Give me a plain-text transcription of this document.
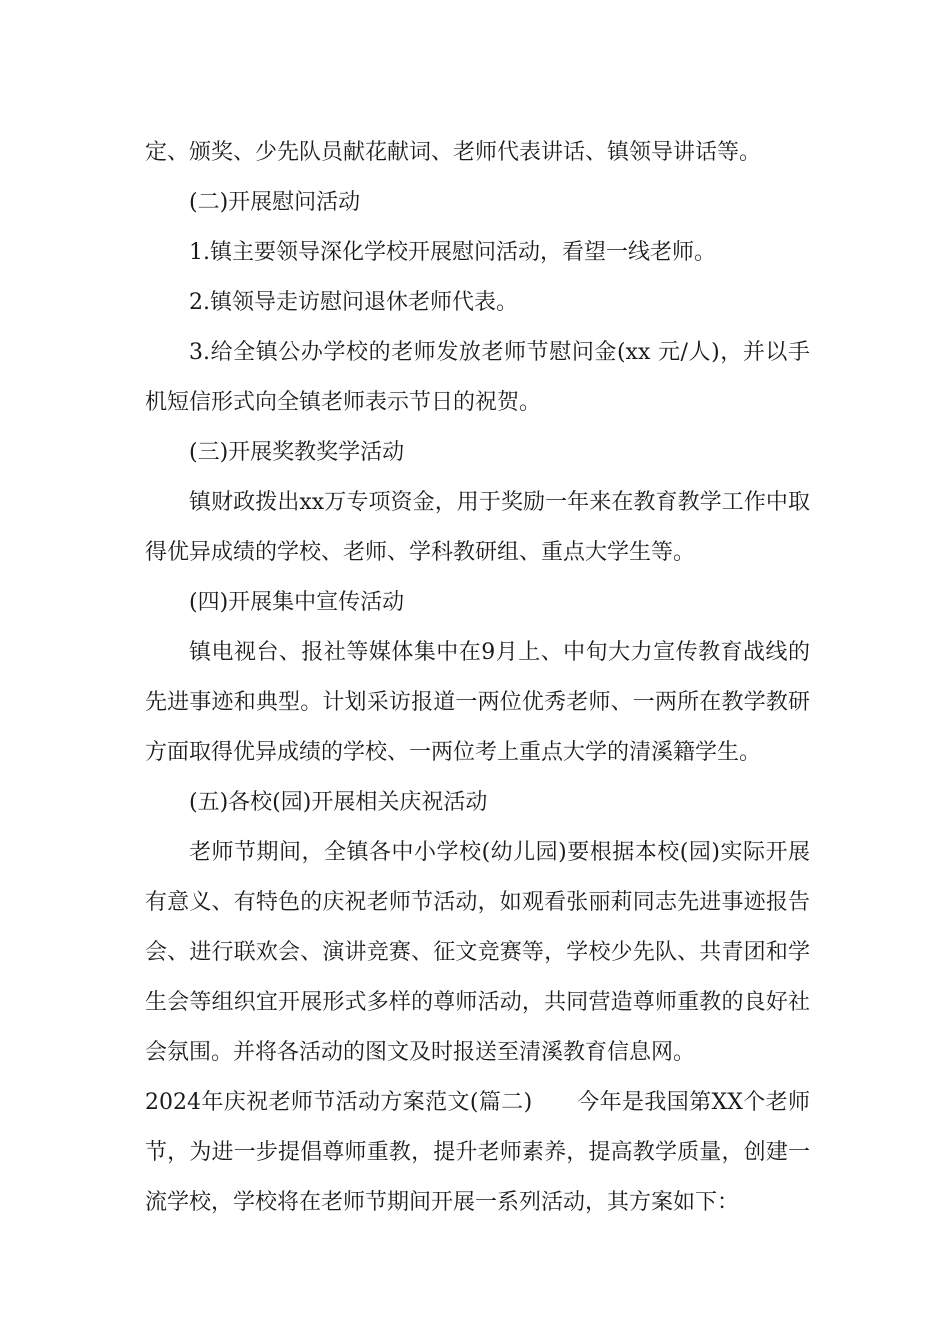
定、颁奖、少先队员献花献词、老师代表讲话、镇领导讲话等。

(二)开展慰问活动

1.镇主要领导深化学校开展慰问活动，看望一线老师。

2.镇领导走访慰问退休老师代表。

3.给全镇公办学校的老师发放老师节慰问金(xx 元/人)，并以手机短信形式向全镇老师表示节日的祝贺。

(三)开展奖教奖学活动

镇财政拨出xx万专项资金，用于奖励一年来在教育教学工作中取得优异成绩的学校、老师、学科教研组、重点大学生等。

(四)开展集中宣传活动

镇电视台、报社等媒体集中在9月上、中旬大力宣传教育战线的先进事迹和典型。计划采访报道一两位优秀老师、一两所在教学教研方面取得优异成绩的学校、一两位考上重点大学的清溪籍学生。

(五)各校(园)开展相关庆祝活动

老师节期间，全镇各中小学校(幼儿园)要根据本校(园)实际开展有意义、有特色的庆祝老师节活动，如观看张丽莉同志先进事迹报告会、进行联欢会、演讲竞赛、征文竞赛等，学校少先队、共青团和学生会等组织宜开展形式多样的尊师活动，共同营造尊师重教的良好社会氛围。并将各活动的图文及时报送至清溪教育信息网。

2024年庆祝老师节活动方案范文(篇二)　　今年是我国第XX个老师节，为进一步提倡尊师重教，提升老师素养，提高教学质量，创建一流学校，学校将在老师节期间开展一系列活动，其方案如下：
